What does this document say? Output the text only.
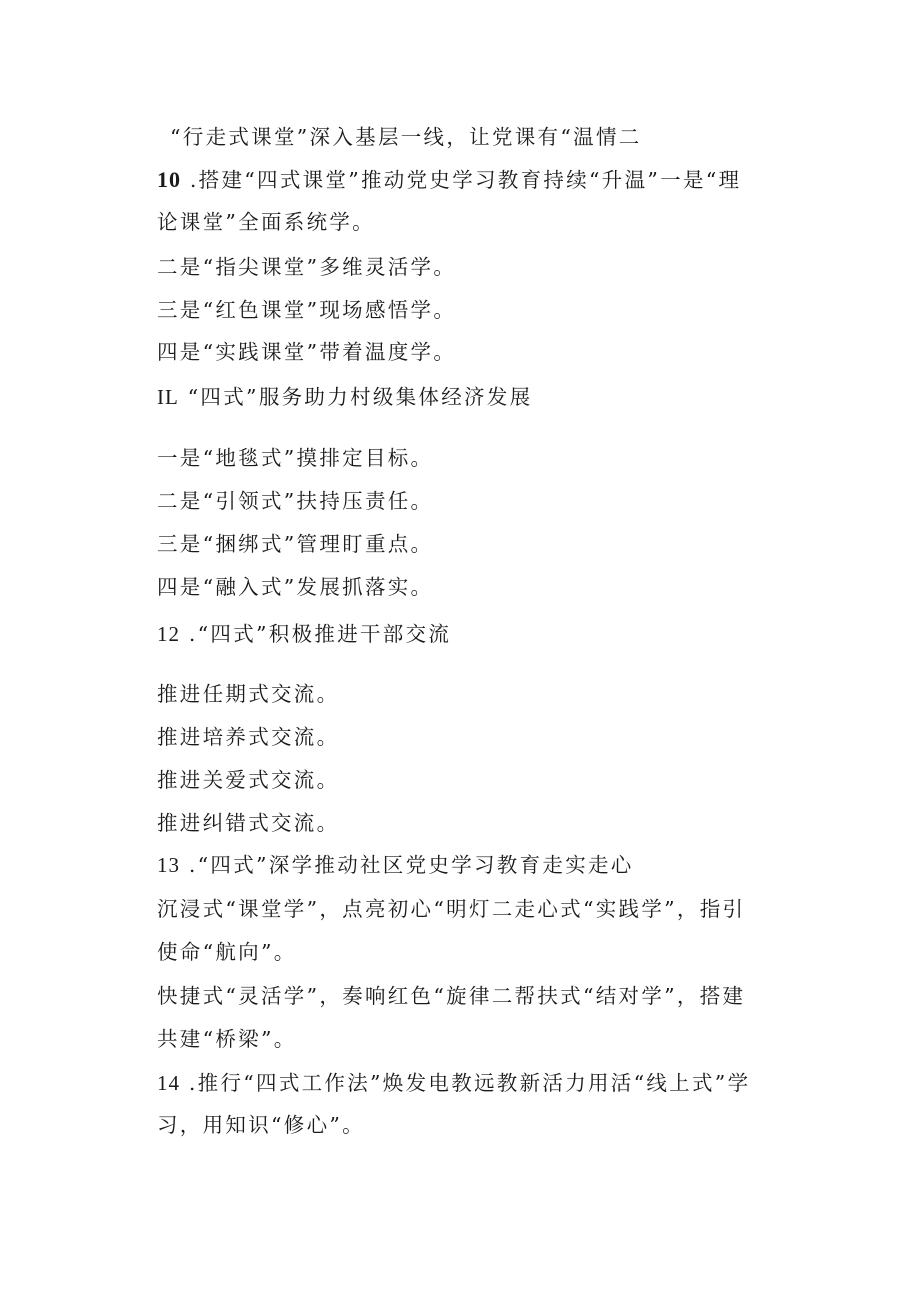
“行走式课堂”深入基层一线，让党课有“温情二
10 .搭建“四式课堂”推动党史学习教育持续“升温”一是“理
论课堂”全面系统学。
二是“指尖课堂”多维灵活学。
三是“红色课堂”现场感悟学。
四是“实践课堂”带着温度学。
IL “四式”服务助力村级集体经济发展
一是“地毯式”摸排定目标。
二是“引领式”扶持压责任。
三是“捆绑式”管理盯重点。
四是“融入式”发展抓落实。
12 .“四式”积极推进干部交流
推进任期式交流。
推进培养式交流。
推进关爱式交流。
推进纠错式交流。
13 .“四式”深学推动社区党史学习教育走实走心
沉浸式“课堂学”，点亮初心“明灯二走心式“实践学”，指引
使命“航向”。
快捷式“灵活学”，奏响红色“旋律二帮扶式“结对学”，搭建
共建“桥梁”。
14 .推行“四式工作法”焕发电教远教新活力用活“线上式”学
习，用知识“修心”。
